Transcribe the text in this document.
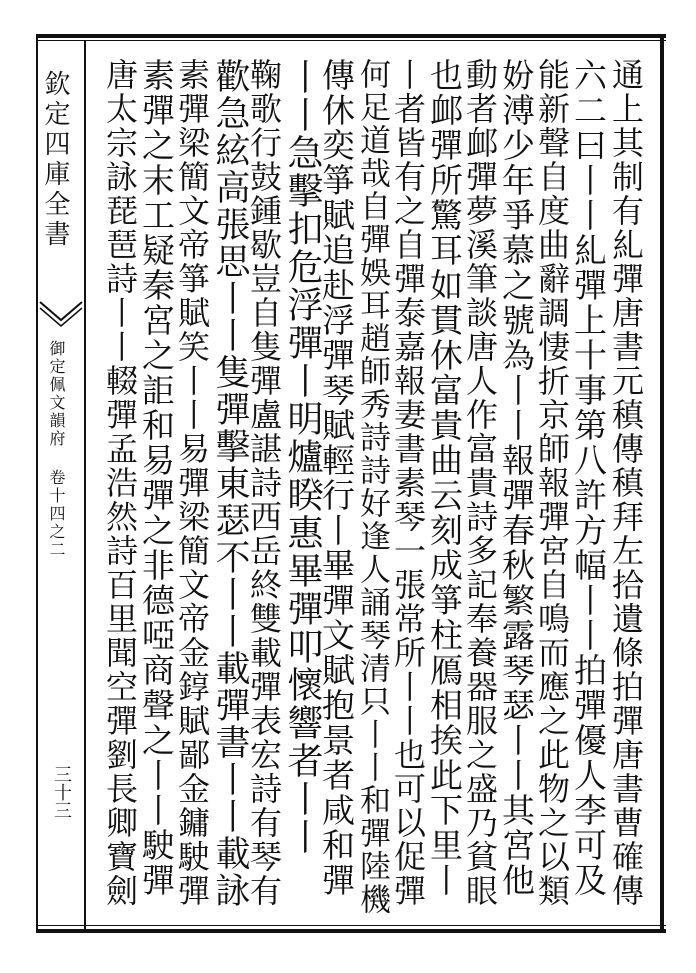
欽定四庫全書
御定佩文韻府 卷十四之二
三十三	通上其制有糺彈唐書元稹傳稹拜左拾遺條拍彈唐書曹確傳
六二曰丨丨糺彈上十事第八許方幅丨丨拍彈優人李可及
能新聲自度曲辭調悽折京師報彈宮自鳴而應之此物之以類
妢溥少年爭慕之號為丨丨報彈春秋繁露琴瑟丨丨其宮他
動者䘏彈夢溪筆談唐人作富貴詩多記奉養器服之盛乃貧眼
也䘏彈所驚耳如貫休富貴曲云刻成箏柱鴈相挨此下里丨
丨者皆有之自彈泰嘉報妻書素琴一張常所丨丨也可以促彈
何足道哉自彈娛耳趙師秀詩詩好逢人誦琴清只丨丨和彈陸機
傳休奕箏賦追赴浮彈琴賦輕行丨畢彈文賦抱景者咸和彈
丨丨急擊扣危浮彈丨明爐睽惠畢彈叩懷響者丨丨
鞠歌行鼓鍾歇豈自隻彈盧諶詩西岳終雙載彈表宏詩有琴有
歡急絃高張思丨丨隻彈擊東瑟不丨丨載彈書丨丨載詠
素彈梁簡文帝箏賦笑丨丨易彈梁簡文帝金錞賦鄙金鏞駛彈
素彈之末工疑秦宮之詎和易彈之非德啞商聲之丨丨駛彈
唐太宗詠琵琶詩丨丨輟彈孟浩然詩百里聞空彈劉長卿寶劍
